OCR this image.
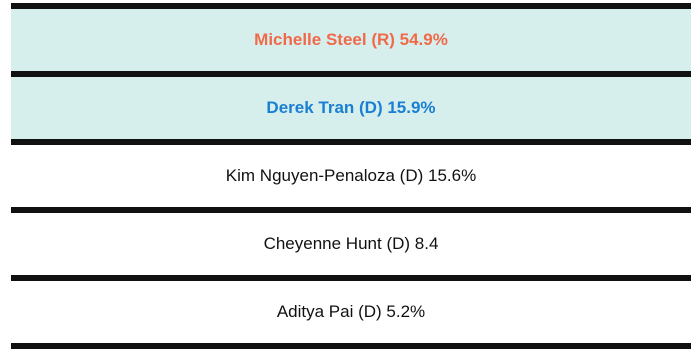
Michelle Steel (R) 54.9%
Derek Tran (D) 15.9%
Kim Nguyen-Penaloza (D) 15.6%
Cheyenne Hunt (D) 8.4
Aditya Pai (D) 5.2%
